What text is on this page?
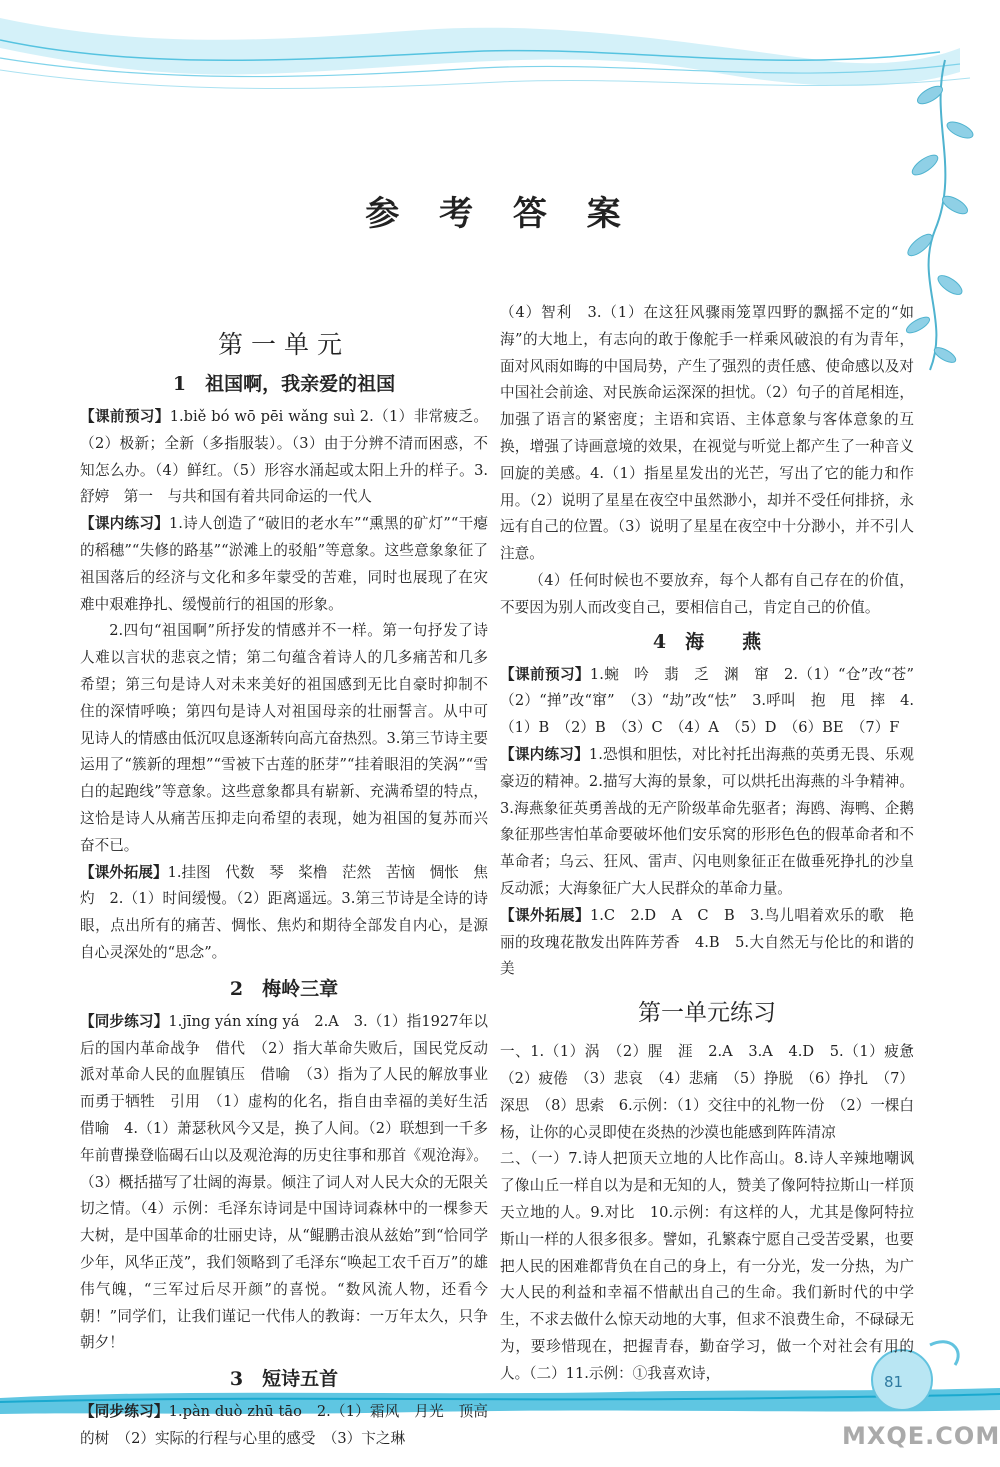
参 考 答 案
第一单元
1　祖国啊，我亲爱的祖国

【课前预习】1.biě bó wō pēi wǎng suì 2.（1）非常疲乏。（2）极新；全新（多指服装）。（3）由于分辨不清而困惑，不知怎么办。（4）鲜红。（5）形容水涌起或太阳上升的样子。3.舒婷　第一　与共和国有着共同命运的一代人

【课内练习】1.诗人创造了“破旧的老水车”“熏黑的矿灯”“干瘪的稻穗”“失修的路基”“淤滩上的驳船”等意象。这些意象象征了祖国落后的经济与文化和多年蒙受的苦难，同时也展现了在灾难中艰难挣扎、缓慢前行的祖国的形象。

2.四句“祖国啊”所抒发的情感并不一样。第一句抒发了诗人难以言状的悲哀之情；第二句蕴含着诗人的几多痛苦和几多希望；第三句是诗人对未来美好的祖国感到无比自豪时抑制不住的深情呼唤；第四句是诗人对祖国母亲的壮丽誓言。从中可见诗人的情感由低沉叹息逐渐转向高亢奋热烈。3.第三节诗主要运用了“簇新的理想”“雪被下古莲的胚芽”“挂着眼泪的笑涡”“雪白的起跑线”等意象。这些意象都具有崭新、充满希望的特点，这恰是诗人从痛苦压抑走向希望的表现，她为祖国的复苏而兴奋不已。

【课外拓展】1.挂图　代数　琴　桨橹　茫然　苦恼　惆怅　焦灼　2.（1）时间缓慢。（2）距离遥远。3.第三节诗是全诗的诗眼，点出所有的痛苦、惆怅、焦灼和期待全部发自内心，是源自心灵深处的“思念”。

2　梅岭三章

【同步练习】1.jīng yán xíng yá　2.A　3.（1）指1927年以后的国内革命战争　借代　（2）指大革命失败后，国民党反动派对革命人民的血腥镇压　借喻　（3）指为了人民的解放事业而勇于牺牲　引用　（1）虚构的化名，指自由幸福的美好生活　借喻　4.（1）萧瑟秋风今又是，换了人间。（2）联想到一千多年前曹操登临碣石山以及观沧海的历史往事和那首《观沧海》。（3）概括描写了壮阔的海景。倾注了词人对人民大众的无限关切之情。（4）示例：毛泽东诗词是中国诗词森林中的一棵参天大树，是中国革命的壮丽史诗，从“鲲鹏击浪从兹始”到“恰同学少年，风华正茂”，我们领略到了毛泽东“唤起工农千百万”的雄伟气魄，“三军过后尽开颜”的喜悦。“数风流人物，还看今朝！”同学们，让我们谨记一代伟人的教诲：一万年太久，只争朝夕！

3　短诗五首

【同步练习】1.pàn duò zhū tāo　2.（1）霜风　月光　顶高的树　（2）实际的行程与心里的感受　（3）卞之琳

（4）智利　3.（1）在这狂风骤雨笼罩四野的飘摇不定的“如海”的大地上，有志向的敢于像舵手一样乘风破浪的有为青年，面对风雨如晦的中国局势，产生了强烈的责任感、使命感以及对中国社会前途、对民族命运深深的担忧。（2）句子的首尾相连，加强了语言的紧密度；主语和宾语、主体意象与客体意象的互换，增强了诗画意境的效果，在视觉与听觉上都产生了一种音义回旋的美感。4.（1）指星星发出的光芒，写出了它的能力和作用。（2）说明了星星在夜空中虽然渺小，却并不受任何排挤，永远有自己的位置。（3）说明了星星在夜空中十分渺小，并不引人注意。

（4）任何时候也不要放弃，每个人都有自己存在的价值，不要因为别人而改变自己，要相信自己，肯定自己的价值。

4　海　　燕

【课前预习】1.蜿　吟　翡　乏　渊　窜　2.（1）“仓”改“苍”　（2）“掸”改“窜”　（3）“劫”改“怯”　3.呼叫　抱　甩　摔　4.（1）B　（2）B　（3）C　（4）A　（5）D　（6）BE　（7）F

【课内练习】1.恐惧和胆怯，对比衬托出海燕的英勇无畏、乐观豪迈的精神。2.描写大海的景象，可以烘托出海燕的斗争精神。3.海燕象征英勇善战的无产阶级革命先驱者；海鸥、海鸭、企鹅象征那些害怕革命要破坏他们安乐窝的形形色色的假革命者和不革命者；乌云、狂风、雷声、闪电则象征正在做垂死挣扎的沙皇反动派；大海象征广大人民群众的革命力量。

【课外拓展】1.C　2.D　A　C　B　3.鸟儿唱着欢乐的歌　艳丽的玫瑰花散发出阵阵芳香　4.B　5.大自然无与伦比的和谐的美

第一单元练习

一、1.（1）涡　（2）腥　涯　2.A　3.A　4.D　5.（1）疲惫　（2）疲倦　（3）悲哀　（4）悲痛　（5）挣脱　（6）挣扎　（7）深思　（8）思索　6.示例：（1）交往中的礼物一份　（2）一棵白杨，让你的心灵即使在炎热的沙漠也能感到阵阵清凉

二、（一）7.诗人把顶天立地的人比作高山。8.诗人辛辣地嘲讽了像山丘一样自以为是和无知的人，赞美了像阿特拉斯山一样顶天立地的人。9.对比　10.示例：有这样的人，尤其是像阿特拉斯山一样的人很多很多。譬如，孔繁森宁愿自己受苦受累，也要把人民的困难都背负在自己的身上，有一分光，发一分热，为广大人民的利益和幸福不惜献出自己的生命。我们新时代的中学生，不求去做什么惊天动地的大事，但求不浪费生命，不碌碌无为，要珍惜现在，把握青春，勤奋学习，做一个对社会有用的人。（二）11.示例：①我喜欢诗，	81
MXQE.COM
